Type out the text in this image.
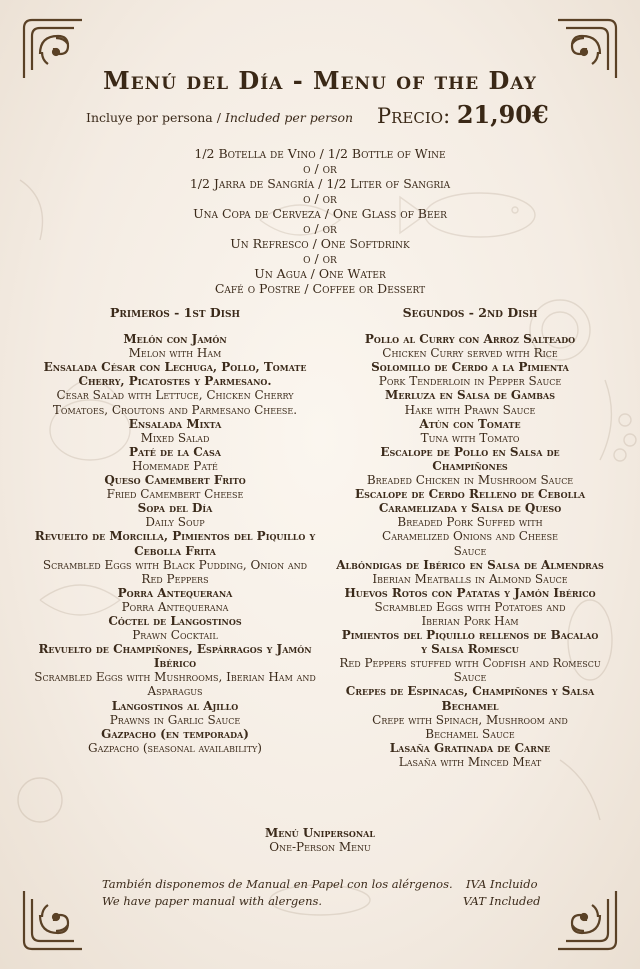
Menú del Día - Menu of the Day
Incluye por persona / Included per person Precio: 21,90€
1/2 Botella de Vino / 1/2 Bottle of Wine
o / or
1/2 Jarra de Sangría / 1/2 Liter of Sangria
o / or
Una Copa de Cerveza / One Glass of Beer
o / or
Un Refresco / One Softdrink
o / or
Un Agua / One Water
Café o Postre / Coffee or Dessert
Primeros - 1st Dish
Melón con Jamón
Melon with Ham
Ensalada César con Lechuga, Pollo, Tomate Cherry, Picatostes y Parmesano.
Cesar Salad with Lettuce, Chicken Cherry Tomatoes, Croutons and Parmesano Cheese.
Ensalada Mixta
Mixed Salad
Paté de la Casa
Homemade Paté
Queso Camembert Frito
Fried Camembert Cheese
Sopa del Día
Daily Soup
Revuelto de Morcilla, Pimientos del Piquillo y Cebolla Frita
Scrambled Eggs with Black Pudding, Onion and Red Peppers
Porra Antequerana
Porra Antequerana
Cóctel de Langostinos
Prawn Cocktail
Revuelto de Champiñones, Espárragos y Jamón Ibérico
Scrambled Eggs with Mushrooms, Iberian Ham and Asparagus
Langostinos al Ajillo
Prawns in Garlic Sauce
Gazpacho (en temporada)
Gazpacho (seasonal availability)
Segundos - 2nd Dish
Pollo al Curry con Arroz Salteado
Chicken Curry served with Rice
Solomillo de Cerdo a la Pimienta
Pork Tenderloin in Pepper Sauce
Merluza en Salsa de Gambas
Hake with Prawn Sauce
Atún con Tomate
Tuna with Tomato
Escalope de Pollo en Salsa de Champiñones
Breaded Chicken in Mushroom Sauce
Escalope de Cerdo Relleno de Cebolla Caramelizada y Salsa de Queso
Breaded Pork Suffed with Caramelized Onions and Cheese Sauce
Albóndigas de Ibérico en Salsa de Almendras
Iberian Meatballs in Almond Sauce
Huevos Rotos con Patatas y Jamón Ibérico
Scrambled Eggs with Potatoes and Iberian Pork Ham
Pimientos del Piquillo rellenos de Bacalao y Salsa Romescu
Red Peppers stuffed with Codfish and Romescu Sauce
Crepes de Espinacas, Champiñones y Salsa Bechamel
Crepe with Spinach, Mushroom and Bechamel Sauce
Lasaña Gratinada de Carne
Lasaña with Minced Meat
Menú Unipersonal
One-Person Menu
También disponemos de Manual en Papel con los alérgenos.
We have paper manual with alergens.
IVA Incluido
VAT Included
